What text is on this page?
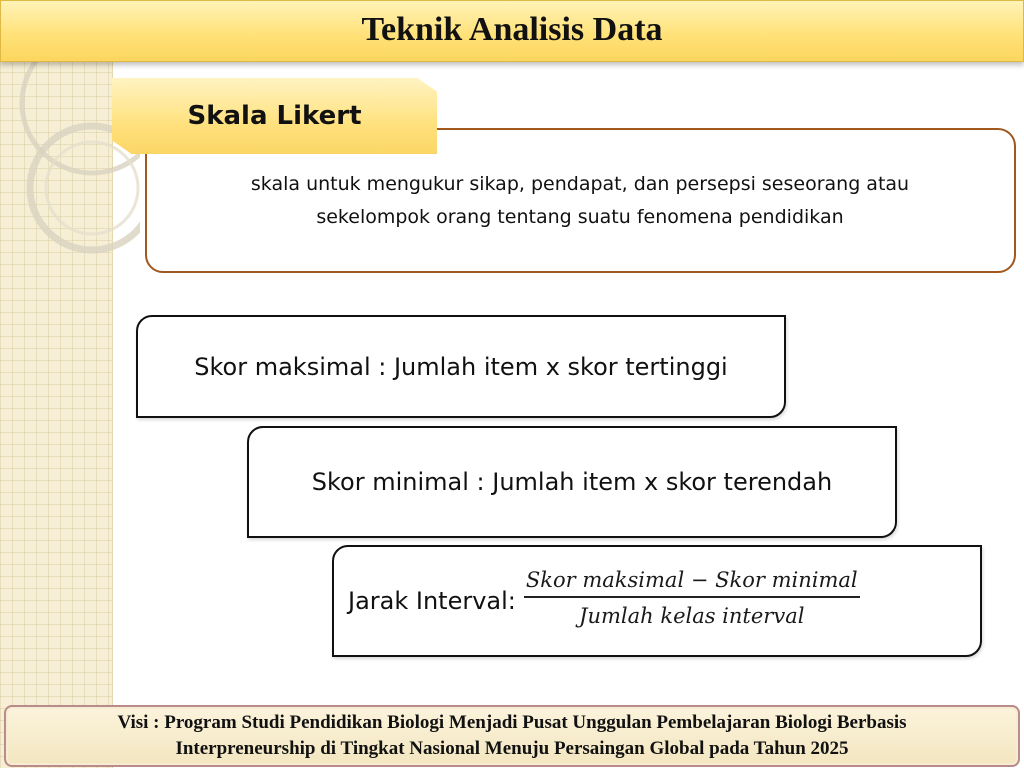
Teknik Analisis Data
skala untuk mengukur sikap, pendapat, dan persepsi seseorang atau
sekelompok orang tentang suatu fenomena pendidikan
Skala Likert
Skor maksimal : Jumlah item x skor tertinggi
Skor minimal : Jumlah item x skor terendah
Jarak Interval: $\frac{\text{Skor maksimal − Skor minimal}}{\text{Jumlah kelas interval}}$
Visi : Program Studi Pendidikan Biologi Menjadi Pusat Unggulan Pembelajaran Biologi Berbasis
Interpreneurship di Tingkat Nasional Menuju Persaingan Global pada Tahun 2025
